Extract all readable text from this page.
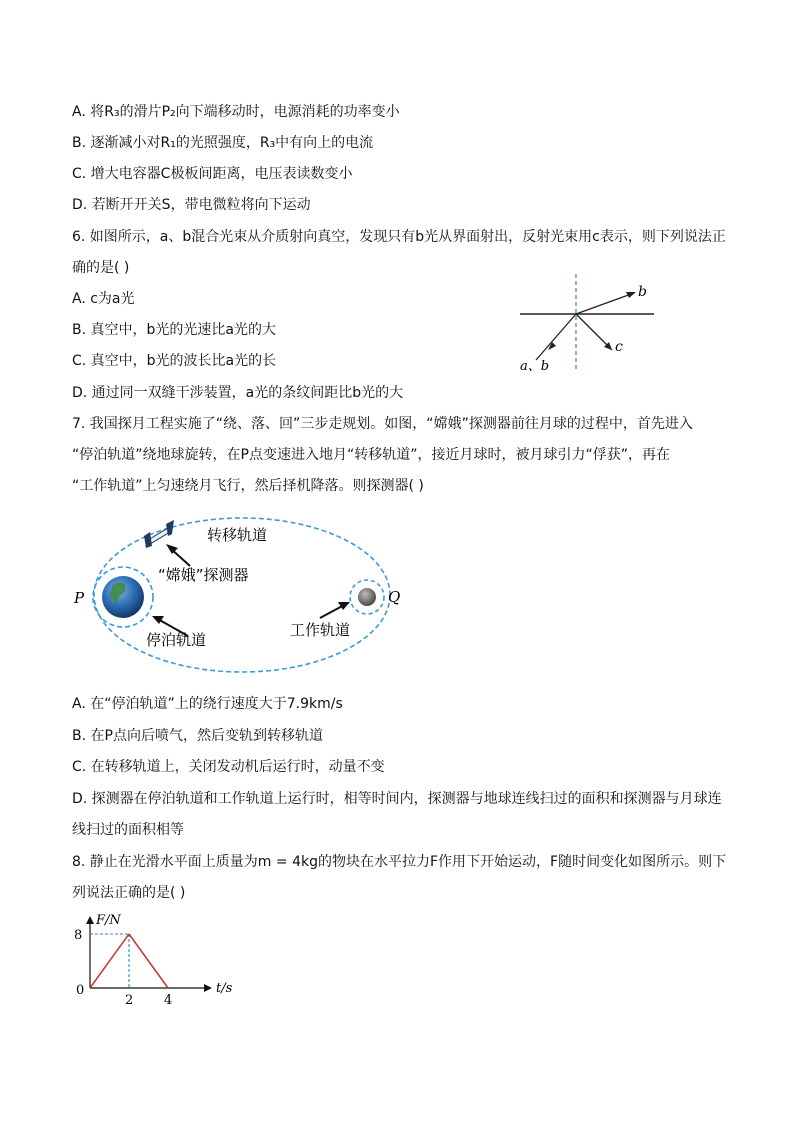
A. 将R₃的滑片P₂向下端移动时，电源消耗的功率变小
B. 逐渐减小对R₁的光照强度，R₃中有向上的电流
C. 增大电容器C极板间距离，电压表读数变小
D. 若断开开关S，带电微粒将向下运动
6. 如图所示，a、b混合光束从介质射向真空，发现只有b光从界面射出，反射光束用c表示，则下列说法正
确的是( )
A. c为a光
B. 真空中，b光的光速比a光的大
C. 真空中，b光的波长比a光的长
D. 通过同一双缝干涉装置，a光的条纹间距比b光的大
b
c
a、b
7. 我国探月工程实施了“绕、落、回”三步走规划。如图，“嫦娥”探测器前往月球的过程中，首先进入
“停泊轨道”绕地球旋转，在P点变速进入地月“转移轨道”，接近月球时，被月球引力“俘获”，再在
“工作轨道”上匀速绕月飞行，然后择机降落。则探测器( )
转移轨道
“嫦娥”探测器
停泊轨道
工作轨道
P	Q
A. 在“停泊轨道”上的绕行速度大于7.9km/s
B. 在P点向后喷气，然后变轨到转移轨道
C. 在转移轨道上，关闭发动机后运行时，动量不变
D. 探测器在停泊轨道和工作轨道上运行时，相等时间内，探测器与地球连线扫过的面积和探测器与月球连
线扫过的面积相等
8. 静止在光滑水平面上质量为m = 4kg的物块在水平拉力F作用下开始运动，F随时间变化如图所示。则下
列说法正确的是( )
F/N
t/s
0
2 4
8
